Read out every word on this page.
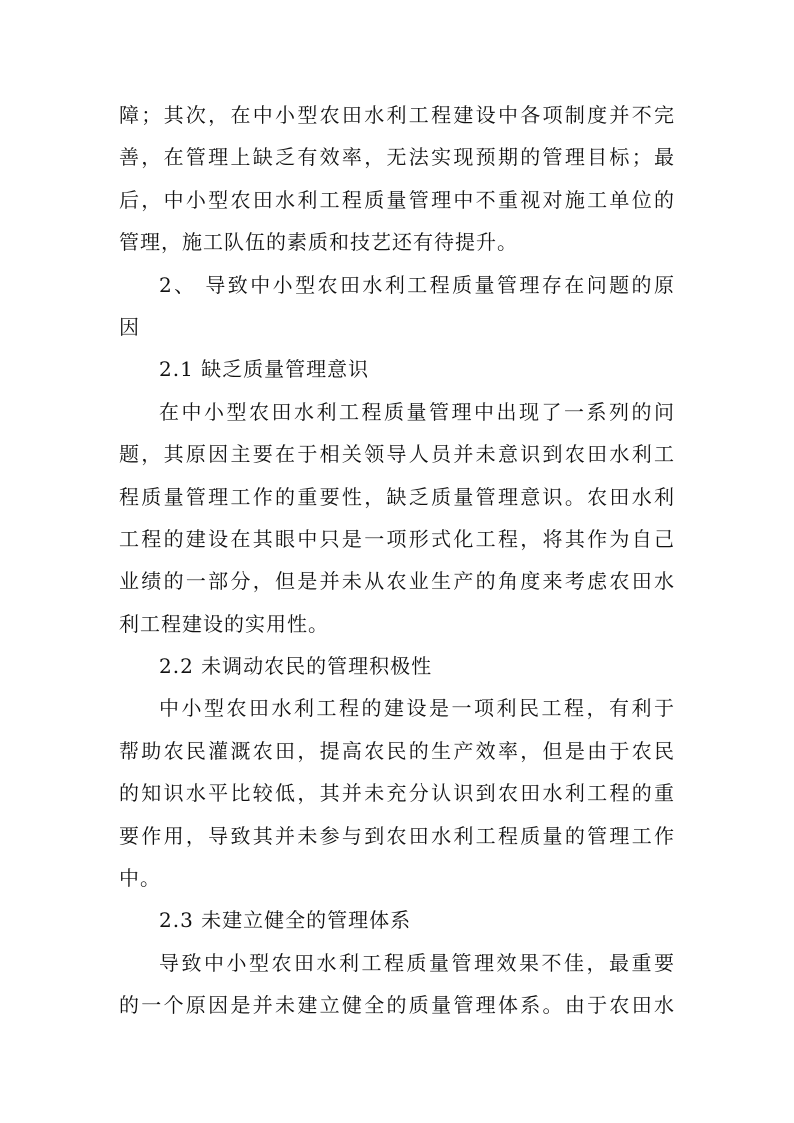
障；其次，在中小型农田水利工程建设中各项制度并不完
善，在管理上缺乏有效率，无法实现预期的管理目标；最
后，中小型农田水利工程质量管理中不重视对施工单位的
管理，施工队伍的素质和技艺还有待提升。
2、 导致中小型农田水利工程质量管理存在问题的原
因
2.1 缺乏质量管理意识
在中小型农田水利工程质量管理中出现了一系列的问
题，其原因主要在于相关领导人员并未意识到农田水利工
程质量管理工作的重要性，缺乏质量管理意识。农田水利
工程的建设在其眼中只是一项形式化工程，将其作为自己
业绩的一部分，但是并未从农业生产的角度来考虑农田水
利工程建设的实用性。
2.2 未调动农民的管理积极性
中小型农田水利工程的建设是一项利民工程，有利于
帮助农民灌溉农田，提高农民的生产效率，但是由于农民
的知识水平比较低，其并未充分认识到农田水利工程的重
要作用，导致其并未参与到农田水利工程质量的管理工作
中。
2.3 未建立健全的管理体系
导致中小型农田水利工程质量管理效果不佳，最重要
的一个原因是并未建立健全的质量管理体系。由于农田水
